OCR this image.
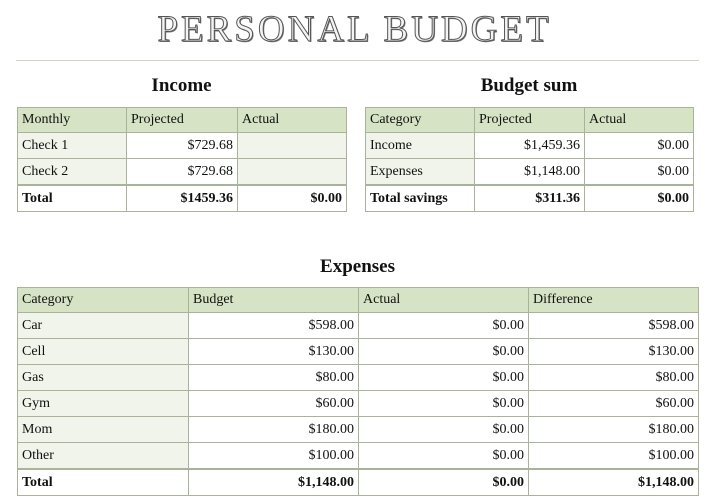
PERSONAL BUDGET
Income
Monthly	Projected	Actual
Check 1	$729.68	
Check 2	$729.68	
Total	$1459.36	$0.00
Budget sum
Category	Projected	Actual
Income	$1,459.36	$0.00
Expenses	$1,148.00	$0.00
Total savings	$311.36	$0.00
Expenses
Category	Budget	Actual	Difference
Car	$598.00	$0.00	$598.00
Cell	$130.00	$0.00	$130.00
Gas	$80.00	$0.00	$80.00
Gym	$60.00	$0.00	$60.00
Mom	$180.00	$0.00	$180.00
Other	$100.00	$0.00	$100.00
Total	$1,148.00	$0.00	$1,148.00
